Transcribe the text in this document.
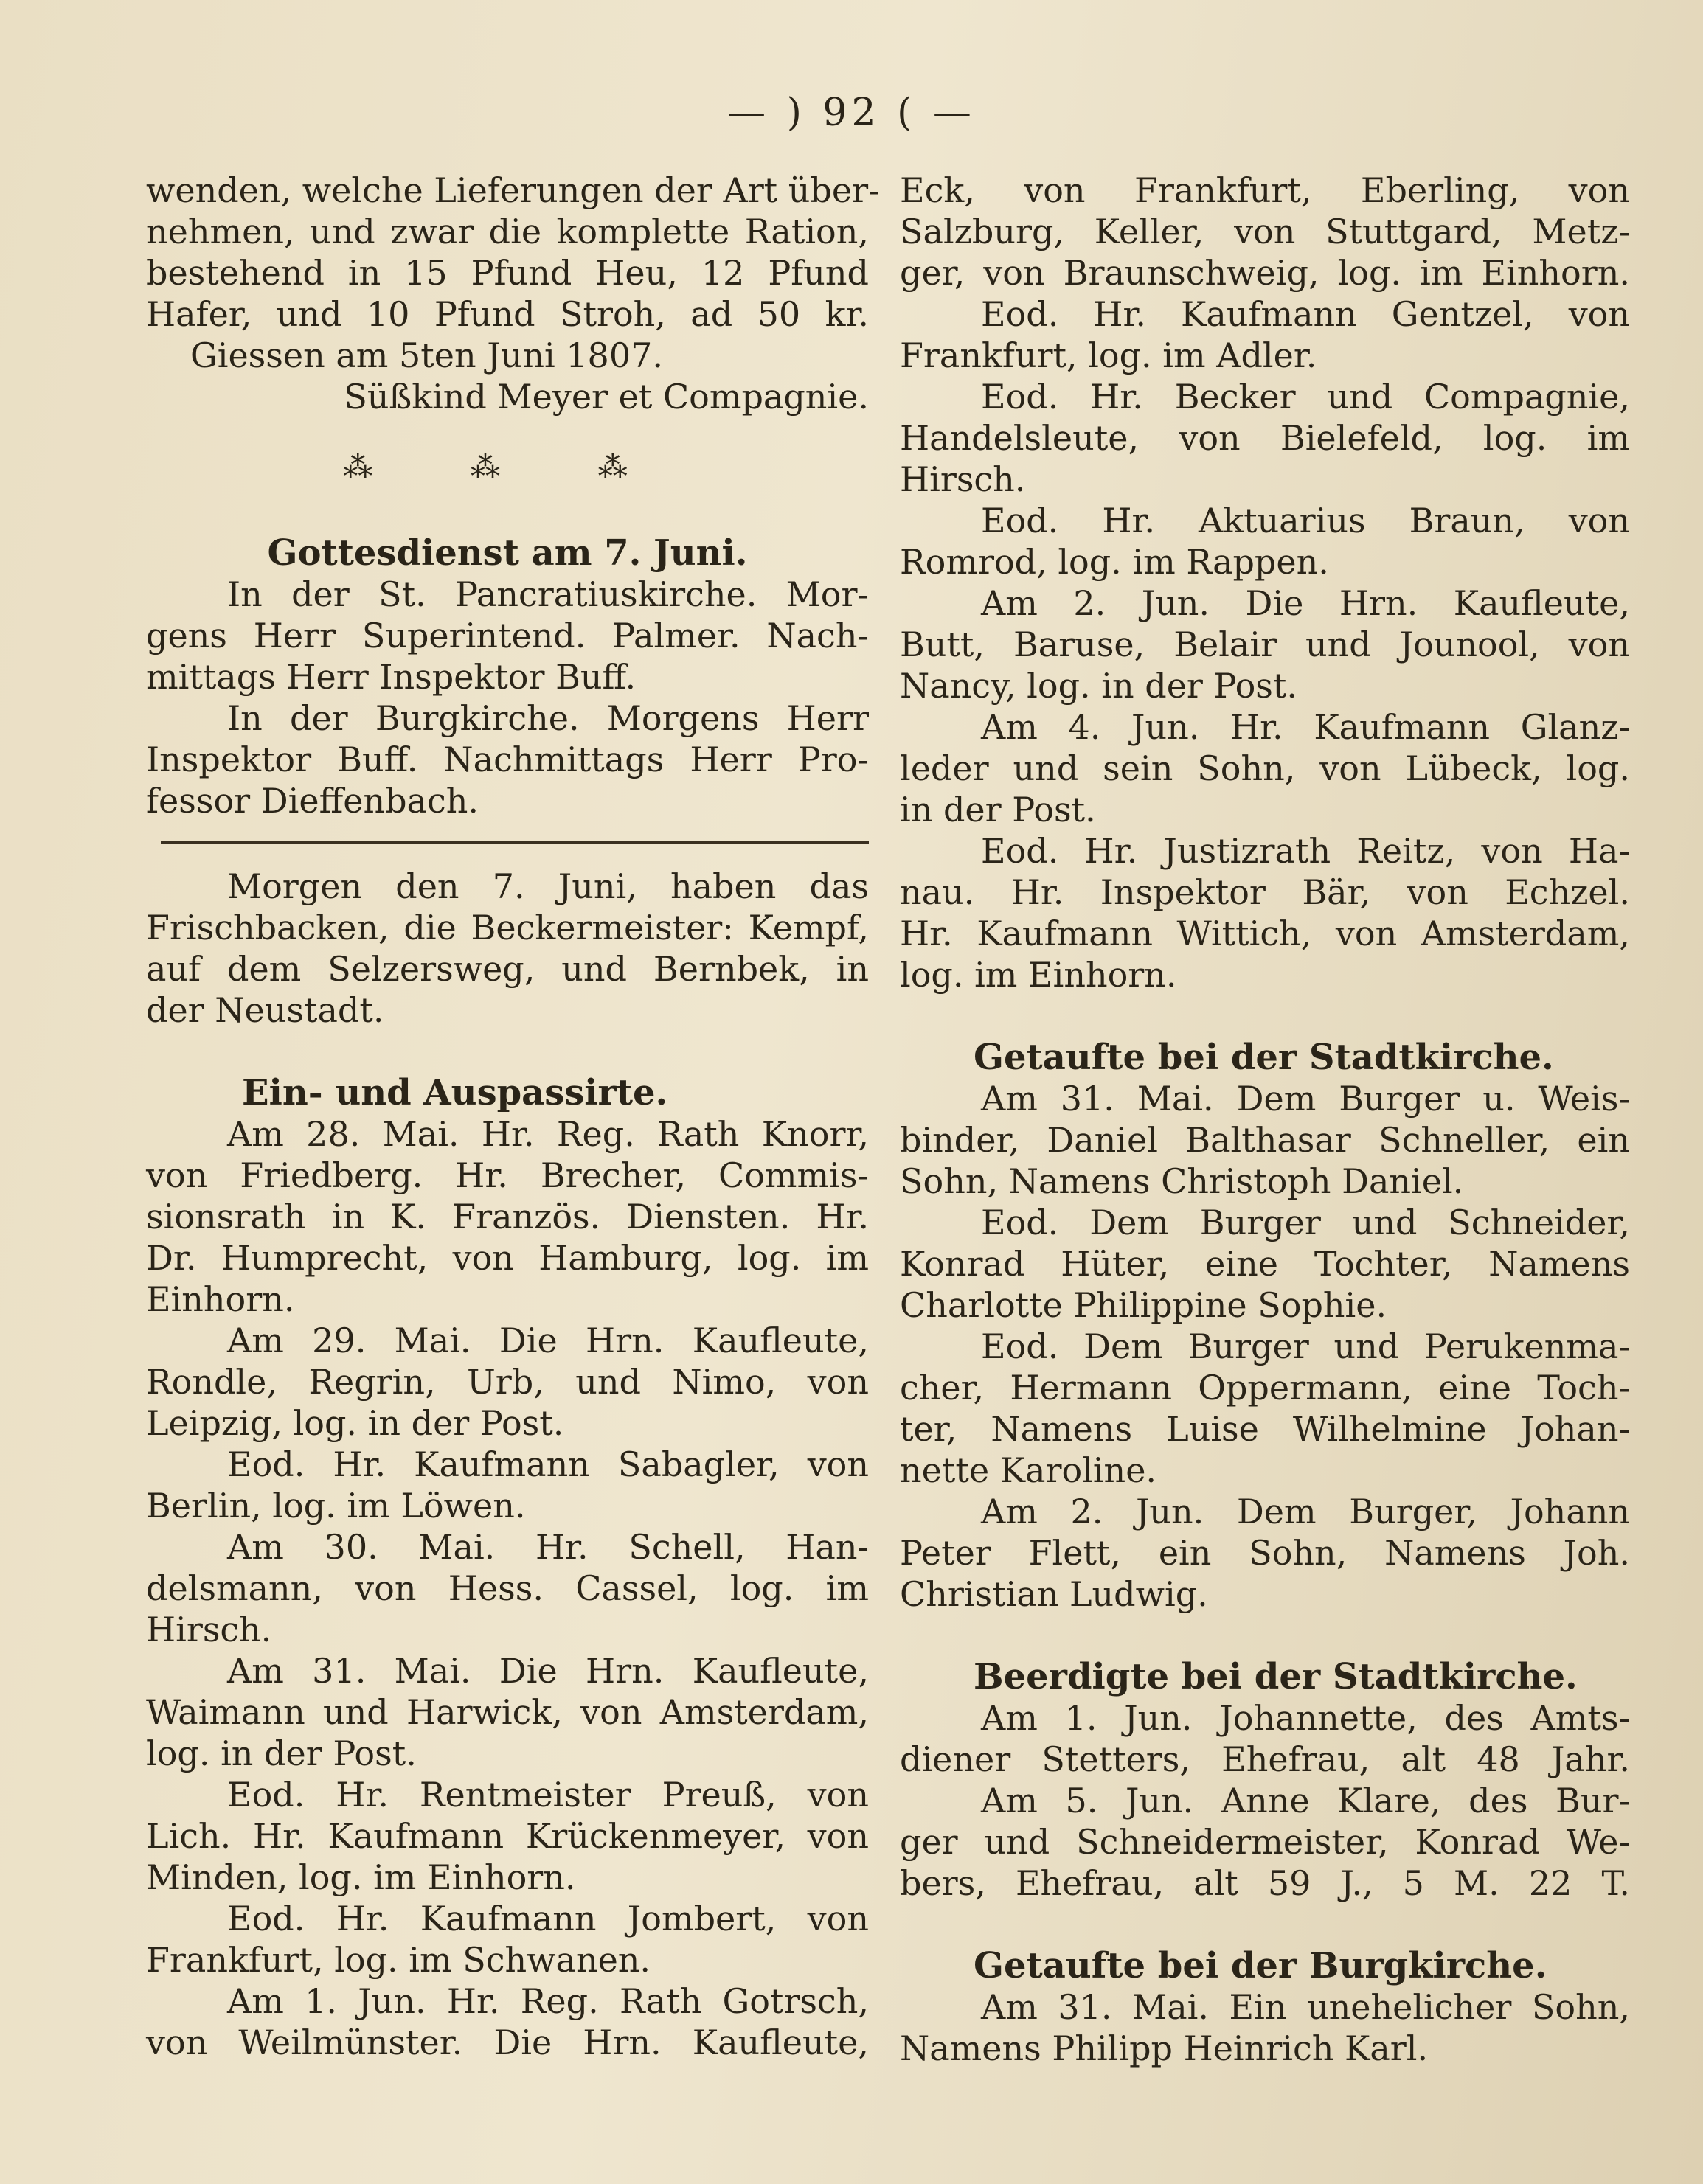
— ) 92 ( —

wenden, welche Lieferungen der Art über-

nehmen, und zwar die komplette Ration,

bestehend in 15 Pfund Heu, 12 Pfund

Hafer, und 10 Pfund Stroh, ad 50 kr.

Giessen am 5ten Juni 1807.

Süßkind Meyer et Compagnie.

⁂ ⁂ ⁂
Gottesdienst am 7. Juni.

In der St. Pancratiuskirche. Mor-

gens Herr Superintend. Palmer. Nach-

mittags Herr Inspektor Buff.

In der Burgkirche. Morgens Herr

Inspektor Buff. Nachmittags Herr Pro-

fessor Dieffenbach.

Morgen den 7. Juni, haben das

Frischbacken, die Beckermeister: Kempf,

auf dem Selzersweg, und Bernbek, in

der Neustadt.

Ein- und Auspassirte.

Am 28. Mai. Hr. Reg. Rath Knorr,

von Friedberg. Hr. Brecher, Commis-

sionsrath in K. Französ. Diensten. Hr.

Dr. Humprecht, von Hamburg, log. im

Einhorn.

Am 29. Mai. Die Hrn. Kaufleute,

Rondle, Regrin, Urb, und Nimo, von

Leipzig, log. in der Post.

Eod. Hr. Kaufmann Sabagler, von

Berlin, log. im Löwen.

Am 30. Mai. Hr. Schell, Han-

delsmann, von Hess. Cassel, log. im

Hirsch.

Am 31. Mai. Die Hrn. Kaufleute,

Waimann und Harwick, von Amsterdam,

log. in der Post.

Eod. Hr. Rentmeister Preuß, von

Lich. Hr. Kaufmann Krückenmeyer, von

Minden, log. im Einhorn.

Eod. Hr. Kaufmann Jombert, von

Frankfurt, log. im Schwanen.

Am 1. Jun. Hr. Reg. Rath Gotrsch,

von Weilmünster. Die Hrn. Kaufleute,

Eck, von Frankfurt, Eberling, von

Salzburg, Keller, von Stuttgard, Metz-

ger, von Braunschweig, log. im Einhorn.

Eod. Hr. Kaufmann Gentzel, von

Frankfurt, log. im Adler.

Eod. Hr. Becker und Compagnie,

Handelsleute, von Bielefeld, log. im

Hirsch.

Eod. Hr. Aktuarius Braun, von

Romrod, log. im Rappen.

Am 2. Jun. Die Hrn. Kaufleute,

Butt, Baruse, Belair und Jounool, von

Nancy, log. in der Post.

Am 4. Jun. Hr. Kaufmann Glanz-

leder und sein Sohn, von Lübeck, log.

in der Post.

Eod. Hr. Justizrath Reitz, von Ha-

nau. Hr. Inspektor Bär, von Echzel.

Hr. Kaufmann Wittich, von Amsterdam,

log. im Einhorn.

Getaufte bei der Stadtkirche.

Am 31. Mai. Dem Burger u. Weis-

binder, Daniel Balthasar Schneller, ein

Sohn, Namens Christoph Daniel.

Eod. Dem Burger und Schneider,

Konrad Hüter, eine Tochter, Namens

Charlotte Philippine Sophie.

Eod. Dem Burger und Perukenma-

cher, Hermann Oppermann, eine Toch-

ter, Namens Luise Wilhelmine Johan-

nette Karoline.

Am 2. Jun. Dem Burger, Johann

Peter Flett, ein Sohn, Namens Joh.

Christian Ludwig.

Beerdigte bei der Stadtkirche.

Am 1. Jun. Johannette, des Amts-

diener Stetters, Ehefrau, alt 48 Jahr.

Am 5. Jun. Anne Klare, des Bur-

ger und Schneidermeister, Konrad We-

bers, Ehefrau, alt 59 J., 5 M. 22 T.

Getaufte bei der Burgkirche.

Am 31. Mai. Ein unehelicher Sohn,

Namens Philipp Heinrich Karl.
